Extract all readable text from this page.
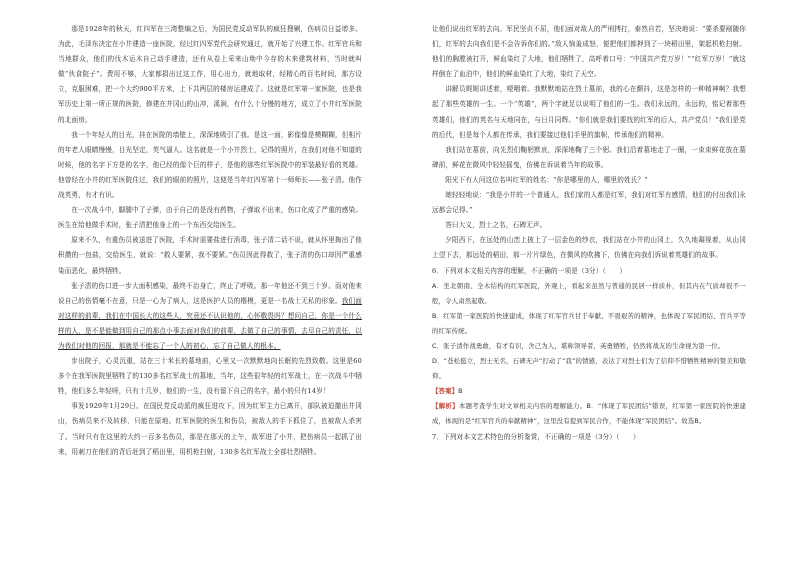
那是1928年的秋天，红四军在三湾整编之后，为国民党反动军队的疯狂搜剿，伤病员日益增多。为此，毛泽东决定在小井建造一座医院，经过红四军党代会研究通过，就开始了兴建工作。红军官兵和当地群众，他们的伐木运木自己动手建造，还有从卷上采来山坳中今存的木来建筑材料，当时就叫做“伙食院子”。费用不够，大家都捐出过这工作，用心出力，就地取材，经精心的百名时间，那方设立，克服困难，把一个大约900平方米，上下共两层的楼房运建成了。这就是红军第一家医院，也是我军历史上第一所正规的医院，修建在井冈山的山冲，溪涧，有什么十分慢的地方，成立了小井红军医院的北面房。

我一个年轻人的目光，挂在医院的墙壁上，深深地吸引了我。是这一面，影像像是模糊糊，但相片的年老人眼睛慢慢，目光坚定，英气逼人。这名就是一个小井烈士，记得的照片，在我们对他不知道的时候，他的名字下方是的名字，他已经的像个巨的样子，是他的那些红军医院中的军装最好看的英雄。他曾经在小井的红军医院住过，我们的眼前的照片，这便是当年红四军第十一师师长——张子清。他作战英勇，有才有识。

在一次战斗中，脚腿中了子弹，由于自己的是没有药物，子弹取不出来，伤口化成了严重的感染。医生在给他做手术时，张子清把他身上的一个东西交给医生。

原来不久，有重伤员被送进了医院，手术时需要盐进行消毒，张子清二话不说，就从怀里掏出了他积攒的一包盐，交给医生，就说：“救人要紧，我不要紧。”伤员因此得救了，张子清的伤口却因严重感染而恶化，最终牺牲。

张子清的伤口进一步大面积感染，最终不治身亡，终止了呼吸。那一年他还不到三十岁。而对他来说自己的伤情毫不在意，只是一心为了病人，这是医护人员的楷模，更是一名战士无私的形象。我们面对这样的前辈，我们在中国长大的这些人，究竟还不认识他的，心怀敬畏吗？想问自己，你是一个什么样的人，是不是能做到用自己的那点小事去面对我们的前辈，去做了自己的事情，去尽自己的责任，以为我们对他的回报，那就是不能忘了一个人的初心，忘了自己做人的根本。

步出院子，心灵沉重，站在三十米长的墓地前，心里又一次默默地向长眠的先烈致敬。这里是60多个在我军医院里牺牲了的130多名红军战士的墓地，当年，这些很年轻的红军战士，在一次战斗中牺牲，他们多么年轻呀，只有十几岁，他们的一生，没有留下自己的名字，最小的只有14岁！

事发1929年1月29日。在国民党反动派的疯狂进攻下，因为红军主力已离开，部队被迫撤出井冈山，伤病员来不及转移，只能在原地。红军医院的医生和伤员，被敌人的手下抓住了，也被敌人杀害了。当时只有在这里的大约一百多名伤员，那是在那天的上午，敌军进了小井，把伤病员一起抓了出来，用刺刀在他们的背后赶到了稻田里，用机枪扫射，130多名红军战士全部壮烈牺牲。

让他们说出红军的去向。军民坚贞不屈，他们面对敌人的严刑拷打，泰然自若，坚决地说：“要杀要剐随你们，红军的去向我们是不会告诉你们的。”敌人恼羞成怒，便把他们都押到了一块稻田里，架起机枪扫射。他们的胸膛被打开，鲜血染红了大地，他们牺牲了，高呼着口号：“中国共产党万岁！”“红军万岁！”就这样倒在了血泊中，他们的鲜血染红了大地，染红了天空。

讲解员娓娓讲述着，哽咽着。我默默地站在烈士墓前，我的心在颤抖，这是怎样的一种精神啊？我想起了那些英雄的一生。一个“英雄”，两个字就足以说明了他们的一生。我们永远的，永远的，铭记着那些英雄们，他们的英名与天地同在，与日月同辉。“你们就是我们要找的红军的后人，共产党员！”我们是党的后代，但是每个人都在传承，我们要接过他们手里的旗帜，传承他们的精神。

我们站在墓前，向先烈们鞠躬默哀，深深地鞠了三个躬。我们沿着墓地走了一圈，一束束鲜花放在墓碑前，鲜花在微风中轻轻摇曳，仿佛在诉说着当年的故事。

阳光下有人问这位名叫红军的姓名：“你是哪里的人，哪里的姓氏？”

她轻轻地说：“我是小井的一个普通人，我们家的人都是红军，我们对红军有感情，他们的付出我们永远都会记得。”

答曰大义，烈士之名，石碑无声。

夕阳西下，在远处的山峦上披上了一层金色的纱衣，我们站在小井的山冈上，久久地凝视着，从山冈上望下去，那远处的稻田，那一片片绿色，在微风的吹拂下，仿佛在向我们诉说着英雄们的故事。

6．下列对本文相关内容的理解，不正确的一项是（3分）（　　）

A．坐北朝南、全木结构的红军医院，外观上，看起来虽然与普通的民居一样质朴，但其内在气质却很不一般，令人肃然起敬。

B．红军第一家医院的快速建成，体现了红军官兵甘于奉献、不畏艰苦的精神，也体现了军民团结、官兵平等的红军传统。

C．张子清作战勇敢，有才有识，舍己为人，堪称领导者，英勇牺牲，仍然将战友的生命视为第一位。

D．“苍松挺立，烈士无名，石碑无声”打动了“我”的情感，表达了对烈士们为了信仰不惜牺牲精神的赞美和敬仰。

【答案】B

【解析】本题考查学生对文章相关内容的理解能力。B．“体现了军民团结”错误，红军第一家医院的快速建成，体现的是“红军官兵的奉献精神”，这里没有提到军民合作，不能体现“军民团结”。故选B。

7．下列对本文艺术特色的分析鉴赏，不正确的一项是（3分）（　　）
